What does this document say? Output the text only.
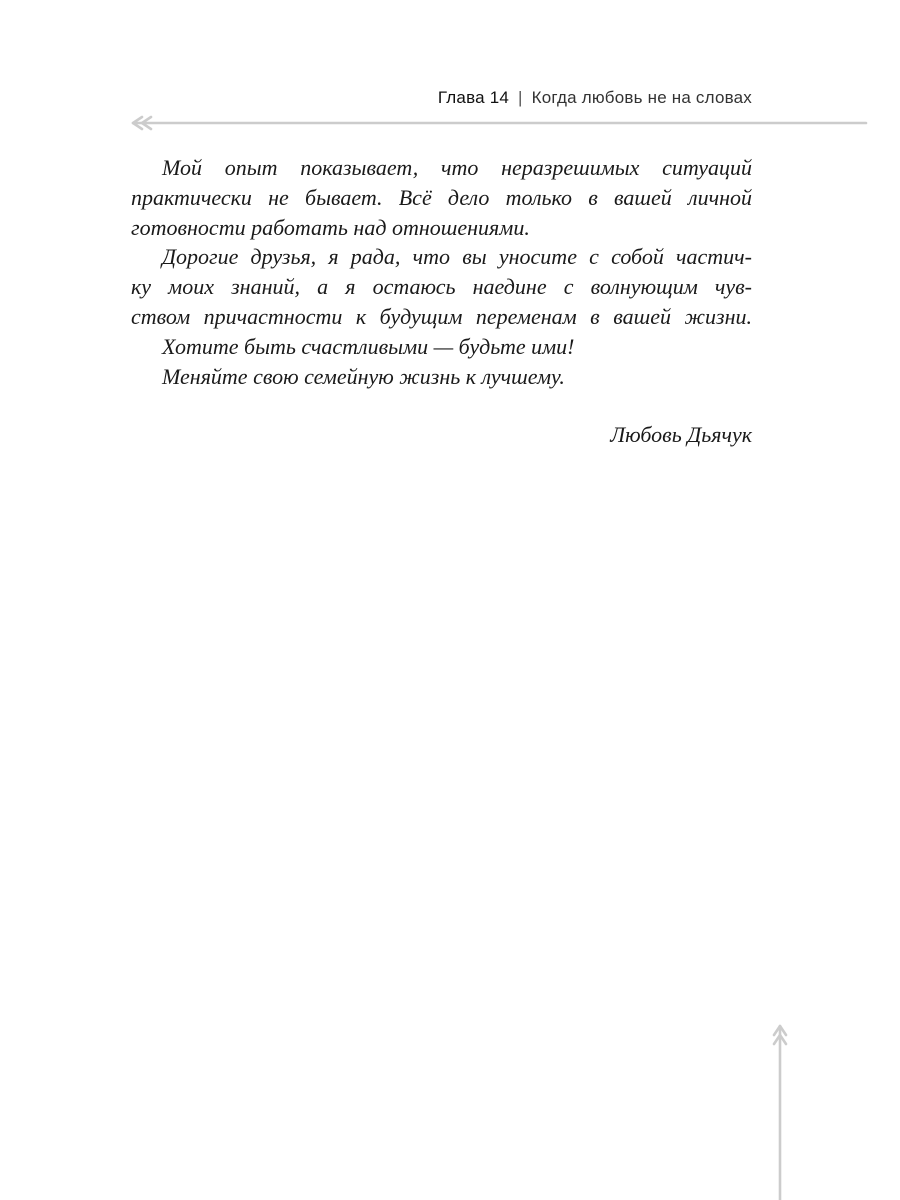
Глава 14 | Когда любовь не на словах
Мой опыт показывает, что неразрешимых ситуаций
практически не бывает. Всё дело только в вашей личной
готовности работать над отношениями.
Дорогие друзья, я рада, что вы уносите с собой частич-
ку моих знаний, а я остаюсь наедине с волнующим чув-
ством причастности к будущим переменам в вашей жизни.
Хотите быть счастливыми — будьте ими!
Меняйте свою семейную жизнь к лучшему.
Любовь Дьячук
